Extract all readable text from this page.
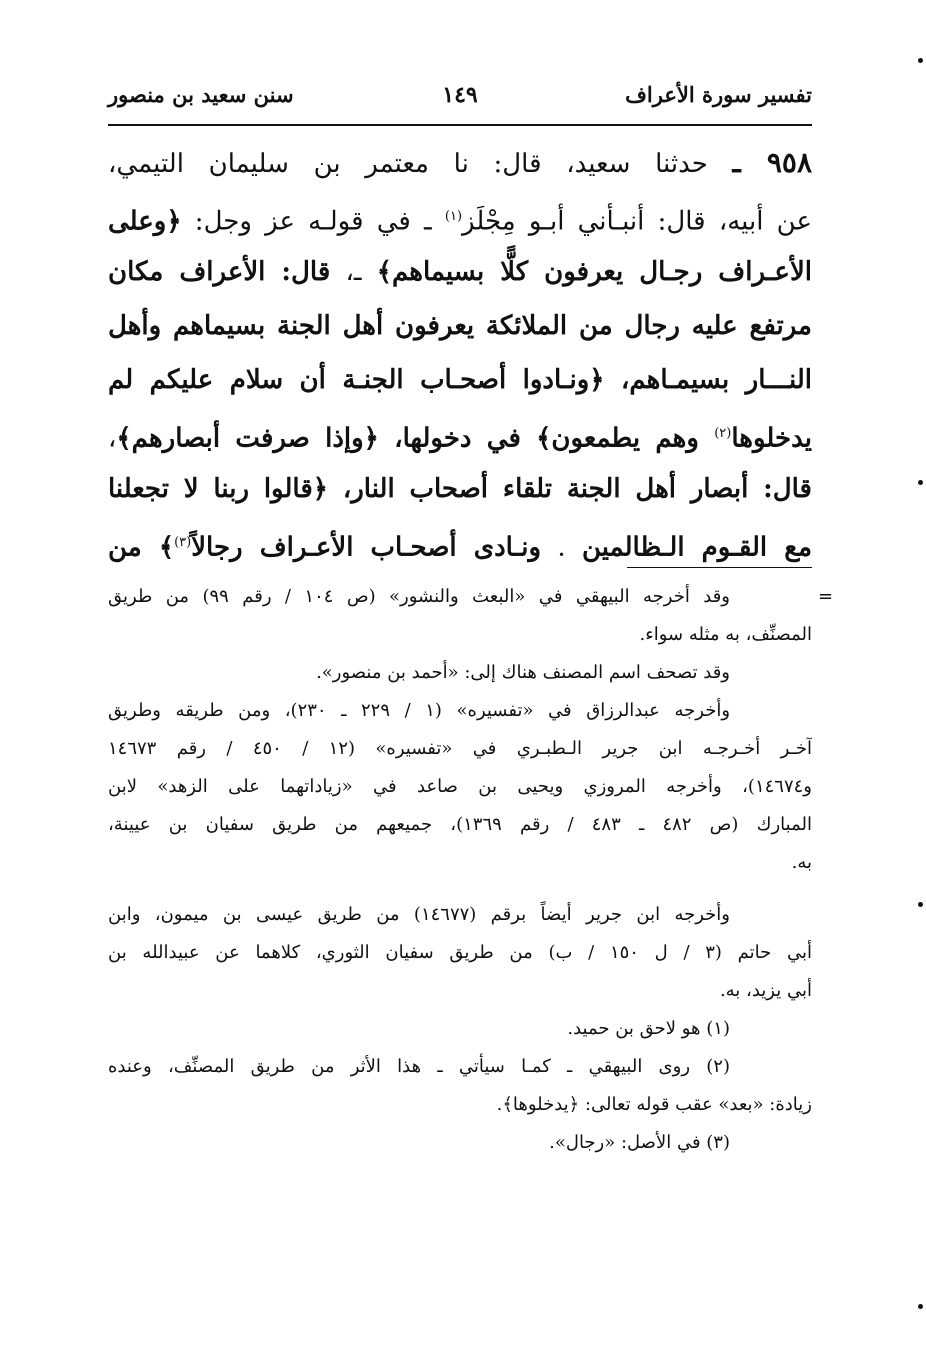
تفسير سورة الأعراف
١٤٩
سنن سعيد بن منصور
٩٥٨ ـ حدثنا سعيد، قال: نا معتمر بن سليمان التيمي،
عن أبيه، قال: أنبـأني أبـو مِجْلَز$^{(١)}$ ـ في قولـه عز وجل: ﴿وعلى
الأعـراف رجـال يعرفون كلًّا بسيماهم﴾ ـ، قال: الأعراف مكان
مرتفع عليه رجال من الملائكة يعرفون أهل الجنة بسيماهم وأهل
النـــار بسيمـاهم، ﴿ونـادوا أصحـاب الجنـة أن سلام عليكم لم
يدخلوها$^{(٢)}$ وهم يطمعون﴾ في دخولها، ﴿وإذا صرفت أبصارهم﴾،
قال: أبصار أهل الجنة تلقاء أصحاب النار، ﴿قالوا ربنا لا تجعلنا
مع القـوم الـظالمين . ونـادى أصحـاب الأعـراف رجالاً$^{(٣)}$﴾ من
=
وقد أخرجه البيهقي في «البعث والنشور» (ص ١٠٤ / رقم ٩٩) من طريق
المصنِّف، به مثله سواء.
وقد تصحف اسم المصنف هناك إلى: «أحمد بن منصور».
وأخرجه عبدالرزاق في «تفسيره» (١ / ٢٢٩ ـ ٢٣٠)، ومن طريقه وطريق
آخـر أخـرجـه ابن جرير الـطبـري في «تفسيره» (١٢ / ٤٥٠ / رقم ١٤٦٧٣
و١٤٦٧٤)، وأخرجه المروزي ويحيى بن صاعد في «زياداتهما على الزهد» لابن
المبارك (ص ٤٨٢ ـ ٤٨٣ / رقم ١٣٦٩)، جميعهم من طريق سفيان بن عيينة،
به.
وأخرجه ابن جرير أيضاً برقم (١٤٦٧٧) من طريق عيسى بن ميمون، وابن
أبي حاتم (٣ / ل ١٥٠ / ب) من طريق سفيان الثوري، كلاهما عن عبيدالله بن
أبي يزيد، به.
(١) هو لاحق بن حميد.
(٢) روى البيهقي ـ كمـا سيأتي ـ هذا الأثر من طريق المصنِّف، وعنده
زيادة: «بعد» عقب قوله تعالى: ﴿يدخلوها﴾.
(٣) في الأصل: «رجال».
